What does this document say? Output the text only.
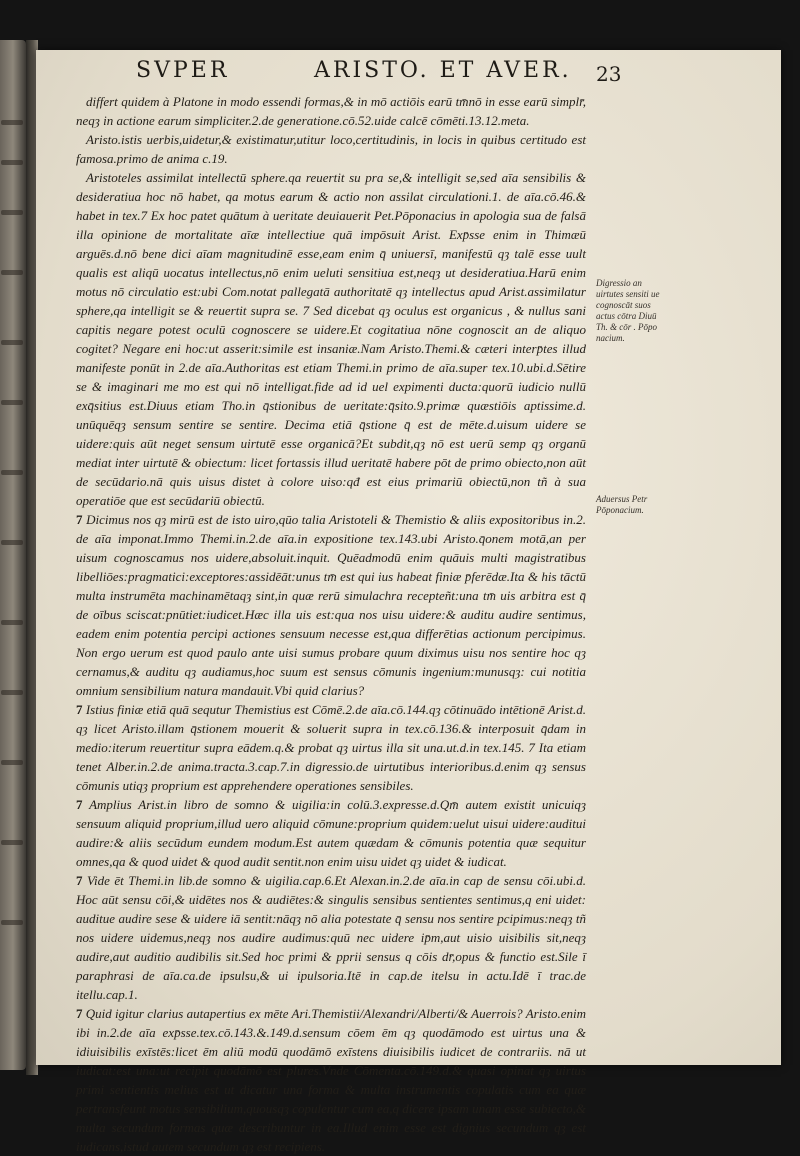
SVPER	ARISTO. ET AVER. 23

differt quidem à Platone in modo essendi formas,& in mō actiōis earū tm̄nō in esse earū simplr̄, neqȝ in actione earum simpliciter.2.de generatione.cō.52.uide calcē cōmēti.13.12.meta.

Aristo.istis uerbis,uidetur,& existimatur,utitur loco,certitudinis, in locis in quibus certitudo est famosa.primo de anima c.19.

Aristoteles assimilat intellectū sphere.qa reuertit su pra se,& intelligit se,sed aīa sensibilis & desideratiua hoc nō habet, qa motus earum & actio non assilat circulationi.1. de aīa.cō.46.& habet in tex.7 Ex hoc patet quātum à ueritate deuiauerit Pet.Pōponacius in apologia sua de falsā illa opinione de mortalitate aīæ intellectiue quā impōsuit Arist. Exp̄sse enim in Thimæū arguēs.d.nō bene dici aīam magnitudinē esse,eam enim q̄ uniuersī, manifestū qȝ talē esse uult qualis est aliqū uocatus intellectus,nō enim ueluti sensitiua est,neqȝ ut desideratiua.Harū enim motus nō circulatio est:ubi Com.notat pallegatā authoritatē qȝ intellectus apud Arist.assimilatur sphere,qa intelligit se & reuertit supra se. 7 Sed dicebat qȝ oculus est organicus , & nullus sani capitis negare potest oculū cognoscere se uidere.Et cogitatiua nōne cognoscit an de aliquo cogitet? Negare eni hoc:ut asserit:simile est insaniæ.Nam Aristo.Themi.& cæteri interp̄tes illud manifeste ponūt in 2.de aīa.Authoritas est etiam Themi.in primo de aīa.super tex.10.ubi.d.Sētire se & imaginari me mo est qui nō intelligat.fide ad id uel expimenti ducta:quorū iudicio nullū exq̄sitius est.Diuus etiam Tho.in q̄stionibus de ueritate:q̄sito.9.primæ quæstiōis aptissime.d. unūquēqȝ sensum sentire se sentire. Decima etiā q̄stione q̄ est de mēte.d.uisum uidere se uidere:quis aūt neget sensum uirtutē esse organicā?Et subdit,qȝ nō est uerū semp qȝ organū mediat inter uirtutē & obiectum: licet fortassis illud ueritatē habere pōt de primo obiecto,non aūt de secūdario.nā quis uisus distet à colore uiso:qđ est eius primariū obiectū,non tñ à sua operatiōe que est secūdariū obiectū.

7 Dicimus nos qȝ mirū est de isto uiro,qūo talia Aristoteli & Themistio & aliis expositoribus in.2. de aīa imponat.Immo Themi.in.2.de aīa.in expositione tex.143.ubi Aristo.q̄onem motā,an per uisum cognoscamus nos uidere,absoluit.inquit. Quēadmodū enim quāuis multi magistratibus libelliōes:pragmatici:exceptores:assidēāt:unus tm̄ est qui ius habeat finiæ p̄ferēdæ.Ita & his tāctū multa instrumēta machinamētaqȝ sint,in quæ rerū simulachra recepteñt:una tm̄ uis arbitra est q̄ de oībus sciscat:pnūtiet:iudicet.Hæc illa uis est:qua nos uisu uidere:& auditu audire sentimus, eadem enim potentia percipi actiones sensuum necesse est,qua differētias actionum percipimus. Non ergo uerum est quod paulo ante uisi sumus probare quum diximus uisu nos sentire hoc qȝ cernamus,& auditu qȝ audiamus,hoc suum est sensus cōmunis ingenium:munusqȝ: cui notitia omnium sensibilium natura mandauit.Vbi quid clarius?

7 Istius finiæ etiā quā sequtur Themistius est Cōmē.2.de aīa.cō.144.qȝ cōtinuādo intētionē Arist.d. qȝ licet Aristo.illam q̄stionem mouerit & soluerit supra in tex.cō.136.& interposuit q̄dam in medio:iterum reuertitur supra eādem.q.& probat qȝ uirtus illa sit una.ut.d.in tex.145. 7 Ita etiam tenet Alber.in.2.de anima.tracta.3.cap.7.in digressio.de uirtutibus interioribus.d.enim qȝ sensus cōmunis utiqȝ proprium est apprehendere operationes sensibiles.

7 Amplius Arist.in libro de somno & uigilia:in colū.3.expresse.d.Qm̄ autem existit unicuiqȝ sensuum aliquid proprium,illud uero aliquid cōmune:proprium quidem:uelut uisui uidere:auditui audire:& aliis secūdum eundem modum.Est autem quædam & cōmunis potentia quæ sequitur omnes,qa & quod uidet & quod audit sentit.non enim uisu uidet qȝ uidet & iudicat.

7 Vide ēt Themi.in lib.de somno & uigilia.cap.6.Et Alexan.in.2.de aīa.in cap de sensu cōi.ubi.d. Hoc aūt sensu cōi,& uidētes nos & audiētes:& singulis sensibus sentientes sentimus,q eni uidet: auditue audire sese & uidere iā sentit:nāqȝ nō alia potestate q̄ sensu nos sentire pcipimus:neqȝ tñ nos uidere uidemus,neqȝ nos audire audimus:quū nec uidere ip̄m,aut uisio uisibilis sit,neqȝ audire,aut auditio audibilis sit.Sed hoc primi & pprii sensus q cōis dr̄,opus & functio est.Sile ī paraphrasi de aīa.ca.de ipsulsu,& ui ipulsoria.Itē in cap.de itelsu in actu.Idē ī trac.de itellu.cap.1.

7 Quid igitur clarius autapertius ex mēte Ari.Themistii/Alexandri/Alberti/& Auerrois? Aristo.enim ibi in.2.de aīa exp̄sse.tex.cō.143.&.149.d.sensum cōem ēm qȝ quodāmodo est uirtus una & idiuisibilis exīstēs:licet ēm aliū modū quodāmō exīstens diuisibilis iudicet de contrariis. nā ut iudicat:est una:ut recipit quodāmō est plures.Vnde Cōmenta.cō.149.d.& quasi opinat qȝ uirtus primi sentientis melius est ut dicatur una forma & multa instrumentis copulatis cum ea quæ pertransfeunt motus sensibilium,quousqȝ copulentur cum ea,q dicere ipsam unam esse subiecto,& multa secundum formas quæ describuntur in ea.Illud enim esse est dignius secundum qȝ est iudicans,istud autem secundum qȝ est recipiens.

Digressio an uirtutes sensiti ue cognoscāt suos actus cōtra Diuū Th. & cōr . Pōpo nacium.
Aduersus Petr Pōponacium.
